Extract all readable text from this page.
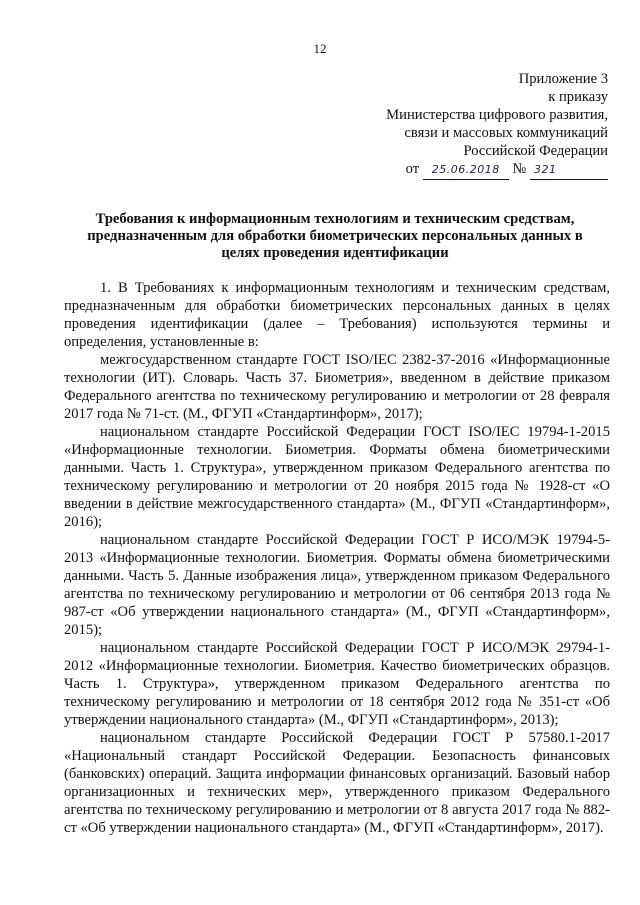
12
Приложение 3
к приказу
Министерства цифрового развития,
связи и массовых коммуникаций
Российской Федерации
от 25.06.2018 № 321
Требования к информационным технологиям и техническим средствам, предназначенным для обработки биометрических персональных данных в целях проведения идентификации

1. В Требованиях к информационным технологиям и техническим средствам, предназначенным для обработки биометрических персональных данных в целях проведения идентификации (далее – Требования) используются термины и определения, установленные в:

межгосударственном стандарте ГОСТ ISO/IEC 2382-37-2016 «Информационные технологии (ИТ). Словарь. Часть 37. Биометрия», введенном в действие приказом Федерального агентства по техническому регулированию и метрологии от 28 февраля 2017 года № 71-ст. (М., ФГУП «Стандартинформ», 2017);

национальном стандарте Российской Федерации ГОСТ ISO/IEC 19794-1-2015 «Информационные технологии. Биометрия. Форматы обмена биометрическими данными. Часть 1. Структура», утвержденном приказом Федерального агентства по техническому регулированию и метрологии от 20 ноября 2015 года № 1928-ст «О введении в действие межгосударственного стандарта» (М., ФГУП «Стандартинформ», 2016);

национальном стандарте Российской Федерации ГОСТ Р ИСО/МЭК 19794-5-2013 «Информационные технологии. Биометрия. Форматы обмена биометрическими данными. Часть 5. Данные изображения лица», утвержденном приказом Федерального агентства по техническому регулированию и метрологии от 06 сентября 2013 года № 987-ст «Об утверждении национального стандарта» (М., ФГУП «Стандартинформ», 2015);

национальном стандарте Российской Федерации ГОСТ Р ИСО/МЭК 29794-1-2012 «Информационные технологии. Биометрия. Качество биометрических образцов. Часть 1. Структура», утвержденном приказом Федерального агентства по техническому регулированию и метрологии от 18 сентября 2012 года № 351-ст «Об утверждении национального стандарта» (М., ФГУП «Стандартинформ», 2013);

национальном стандарте Российской Федерации ГОСТ Р 57580.1-2017 «Национальный стандарт Российской Федерации. Безопасность финансовых (банковских) операций. Защита информации финансовых организаций. Базовый набор организационных и технических мер», утвержденного приказом Федерального агентства по техническому регулированию и метрологии от 8 августа 2017 года № 882-ст «Об утверждении национального стандарта» (М., ФГУП «Стандартинформ», 2017).
